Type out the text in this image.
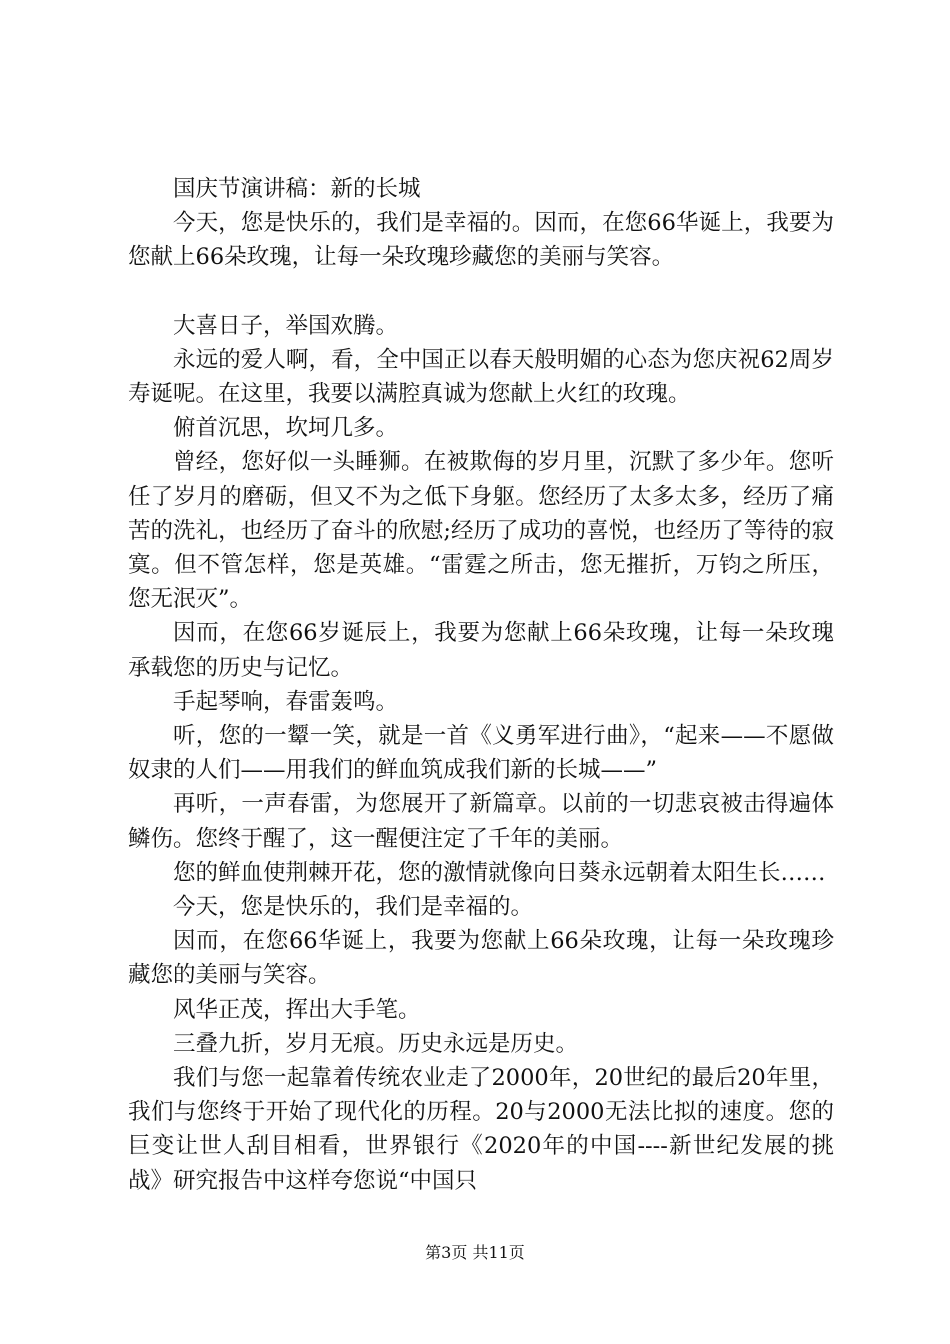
国庆节演讲稿：新的长城

今天，您是快乐的，我们是幸福的。因而，在您66华诞上，我要为您献上66朵玫瑰，让每一朵玫瑰珍藏您的美丽与笑容。

大喜日子，举国欢腾。

永远的爱人啊，看，全中国正以春天般明媚的心态为您庆祝62周岁寿诞呢。在这里，我要以满腔真诚为您献上火红的玫瑰。

俯首沉思，坎坷几多。

曾经，您好似一头睡狮。在被欺侮的岁月里，沉默了多少年。您听任了岁月的磨砺，但又不为之低下身躯。您经历了太多太多，经历了痛苦的洗礼，也经历了奋斗的欣慰;经历了成功的喜悦，也经历了等待的寂寞。但不管怎样，您是英雄。“雷霆之所击，您无摧折，万钧之所压，您无泯灭”。

因而，在您66岁诞辰上，我要为您献上66朵玫瑰，让每一朵玫瑰承载您的历史与记忆。

手起琴响，春雷轰鸣。

听，您的一颦一笑，就是一首《义勇军进行曲》，“起来——不愿做奴隶的人们——用我们的鲜血筑成我们新的长城——”

再听，一声春雷，为您展开了新篇章。以前的一切悲哀被击得遍体鳞伤。您终于醒了，这一醒便注定了千年的美丽。

您的鲜血使荆棘开花，您的激情就像向日葵永远朝着太阳生长……

今天，您是快乐的，我们是幸福的。

因而，在您66华诞上，我要为您献上66朵玫瑰，让每一朵玫瑰珍藏您的美丽与笑容。

风华正茂，挥出大手笔。

三叠九折，岁月无痕。历史永远是历史。

我们与您一起靠着传统农业走了2000年，20世纪的最后20年里，我们与您终于开始了现代化的历程。20与2000无法比拟的速度。您的巨变让世人刮目相看，世界银行《2020年的中国----新世纪发展的挑战》研究报告中这样夸您说“中国只

第3页 共11页
